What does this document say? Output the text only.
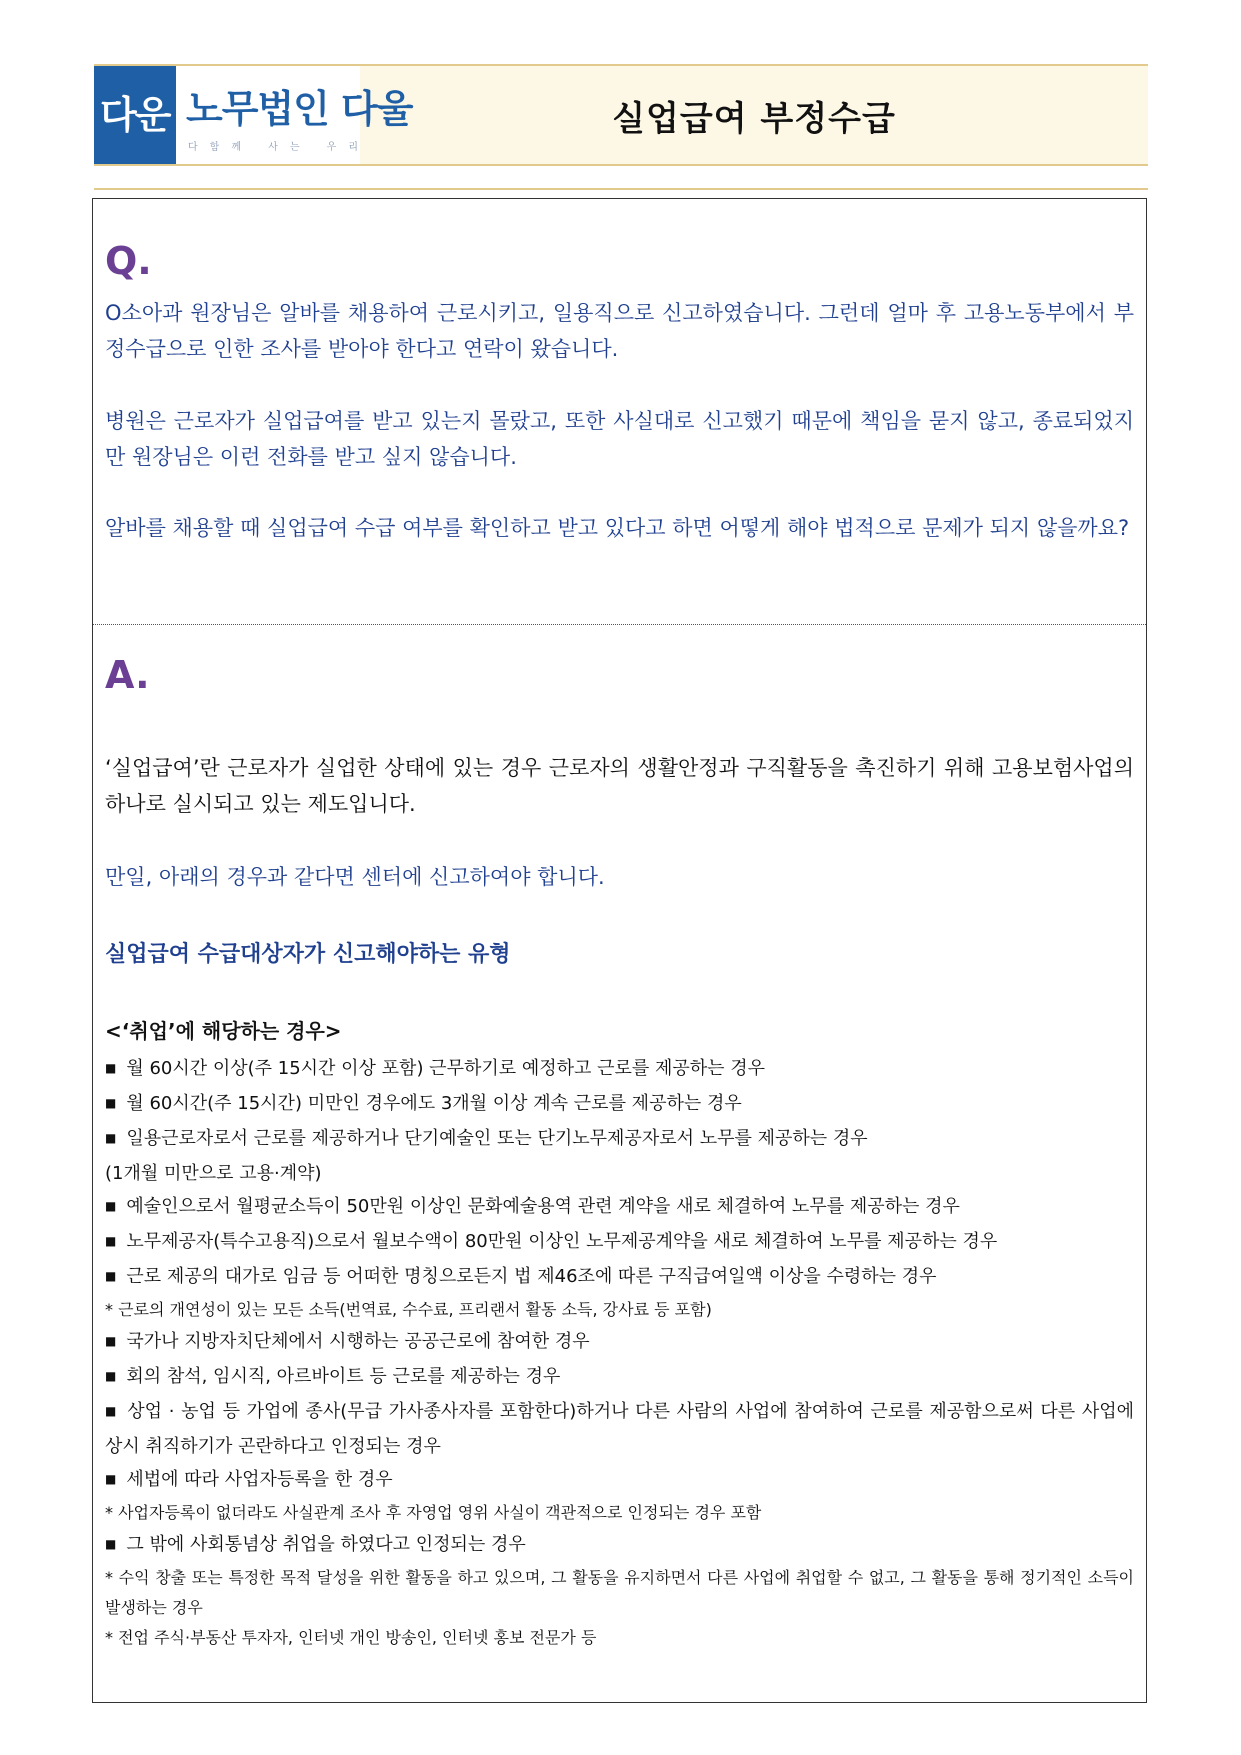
다운 노무법인 다울
다함께 사는 우리
실업급여 부정수급
Q.

O소아과 원장님은 알바를 채용하여 근로시키고, 일용직으로 신고하였습니다. 그런데 얼마 후 고용노동부에서 부정수급으로 인한 조사를 받아야 한다고 연락이 왔습니다.

병원은 근로자가 실업급여를 받고 있는지 몰랐고, 또한 사실대로 신고했기 때문에 책임을 묻지 않고, 종료되었지만 원장님은 이런 전화를 받고 싶지 않습니다.

알바를 채용할 때 실업급여 수급 여부를 확인하고 받고 있다고 하면 어떻게 해야 법적으로 문제가 되지 않을까요?

A.

‘실업급여’란 근로자가 실업한 상태에 있는 경우 근로자의 생활안정과 구직활동을 촉진하기 위해 고용보험사업의 하나로 실시되고 있는 제도입니다.

만일, 아래의 경우과 같다면 센터에 신고하여야 합니다.

실업급여 수급대상자가 신고해야하는 유형
<‘취업’에 해당하는 경우>
■ 월 60시간 이상(주 15시간 이상 포함) 근무하기로 예정하고 근로를 제공하는 경우
■ 월 60시간(주 15시간) 미만인 경우에도 3개월 이상 계속 근로를 제공하는 경우
■ 일용근로자로서 근로를 제공하거나 단기예술인 또는 단기노무제공자로서 노무를 제공하는 경우
(1개월 미만으로 고용·계약)
■ 예술인으로서 월평균소득이 50만원 이상인 문화예술용역 관련 계약을 새로 체결하여 노무를 제공하는 경우
■ 노무제공자(특수고용직)으로서 월보수액이 80만원 이상인 노무제공계약을 새로 체결하여 노무를 제공하는 경우
■ 근로 제공의 대가로 임금 등 어떠한 명칭으로든지 법 제46조에 따른 구직급여일액 이상을 수령하는 경우
* 근로의 개연성이 있는 모든 소득(번역료, 수수료, 프리랜서 활동 소득, 강사료 등 포함)
■ 국가나 지방자치단체에서 시행하는 공공근로에 참여한 경우
■ 회의 참석, 임시직, 아르바이트 등 근로를 제공하는 경우
■ 상업 · 농업 등 가업에 종사(무급 가사종사자를 포함한다)하거나 다른 사람의 사업에 참여하여 근로를 제공함으로써 다른 사업에 상시 취직하기가 곤란하다고 인정되는 경우
■ 세법에 따라 사업자등록을 한 경우
* 사업자등록이 없더라도 사실관계 조사 후 자영업 영위 사실이 객관적으로 인정되는 경우 포함
■ 그 밖에 사회통념상 취업을 하였다고 인정되는 경우
* 수익 창출 또는 특정한 목적 달성을 위한 활동을 하고 있으며, 그 활동을 유지하면서 다른 사업에 취업할 수 없고, 그 활동을 통해 정기적인 소득이 발생하는 경우
* 전업 주식·부동산 투자자, 인터넷 개인 방송인, 인터넷 홍보 전문가 등
